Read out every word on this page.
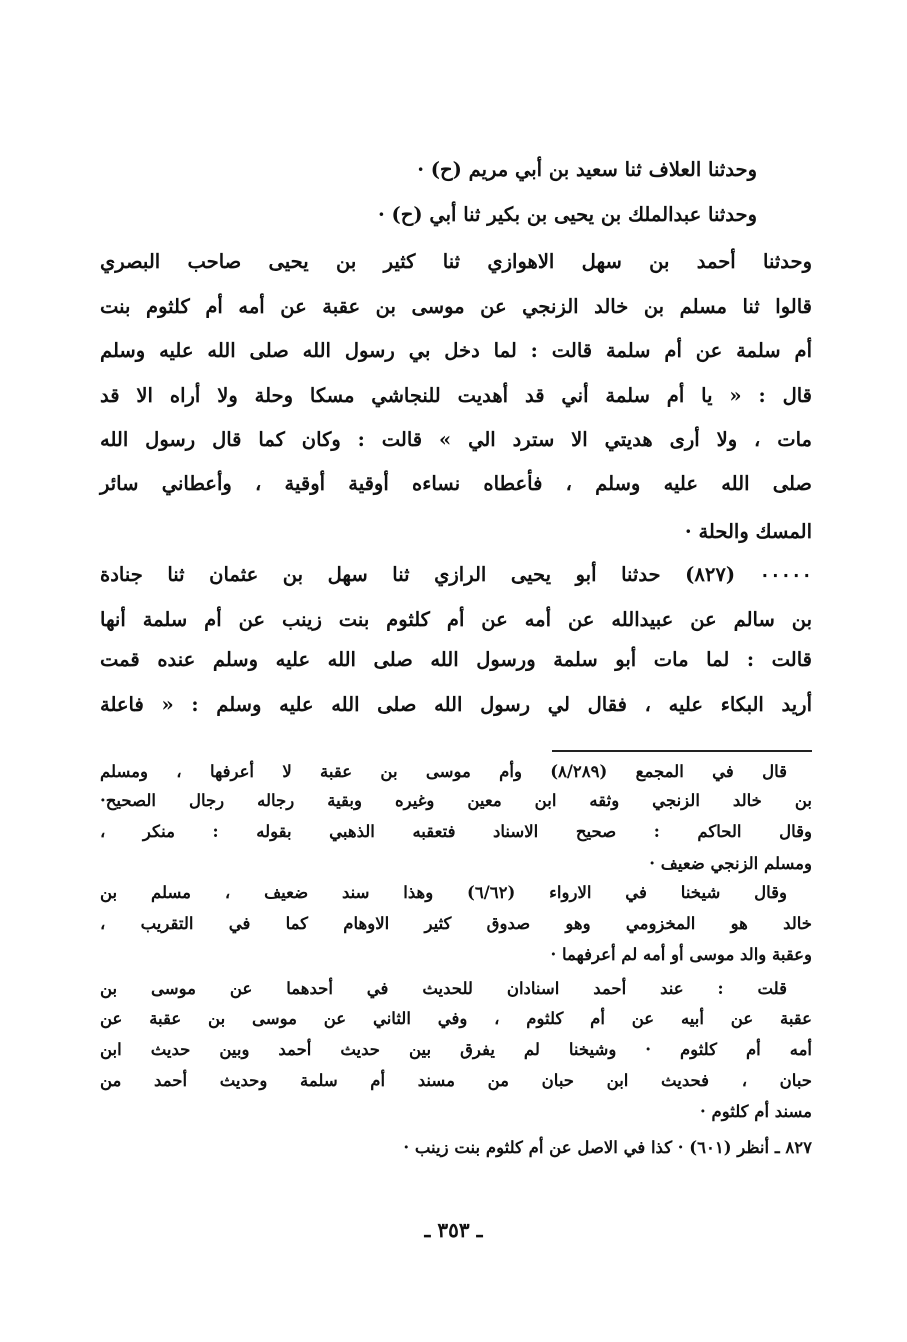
وحدثنا العلاف ثنا سعيد بن أبي مريم (ح) ·
وحدثنا عبدالملك بن يحيى بن بكير ثنا أبي (ح) ·
وحدثنا أحمد بن سهل الاهوازي ثنا كثير بن يحيى صاحب البصري
قالوا ثنا مسلم بن خالد الزنجي عن موسى بن عقبة عن أمه أم كلثوم بنت
أم سلمة عن أم سلمة قالت : لما دخل بي رسول الله صلى الله عليه وسلم
قال : « يا أم سلمة أني قد أهديت للنجاشي مسكا وحلة ولا أراه الا قد
مات ، ولا أرى هديتي الا سترد الي » قالت : وكان كما قال رسول الله
صلى الله عليه وسلم ، فأعطاه نساءه أوقية أوقية ، وأعطاني سائر
المسك والحلة ·
٠٠٠٠٠ (٨٢٧) حدثنا أبو يحيى الرازي ثنا سهل بن عثمان ثنا جنادة
بن سالم عن عبيدالله عن أمه عن أم كلثوم بنت زينب عن أم سلمة أنها
قالت : لما مات أبو سلمة ورسول الله صلى الله عليه وسلم عنده قمت
أريد البكاء عليه ، فقال لي رسول الله صلى الله عليه وسلم : « فاعلة
قال في المجمع (٨/٢٨٩) وأم موسى بن عقبة لا أعرفها ، ومسلم
بن خالد الزنجي وثقه ابن معين وغيره وبقية رجاله رجال الصحيح·
وقال الحاكم : صحيح الاسناد فتعقبه الذهبي بقوله : منكر ،
ومسلم الزنجي ضعيف ·
وقال شيخنا في الارواء (٦/٦٢) وهذا سند ضعيف ، مسلم بن
خالد هو المخزومي وهو صدوق كثير الاوهام كما في التقريب ،
وعقبة والد موسى أو أمه لم أعرفهما ·
قلت : عند أحمد اسنادان للحديث في أحدهما عن موسى بن
عقبة عن أبيه عن أم كلثوم ، وفي الثاني عن موسى بن عقبة عن
أمه أم كلثوم · وشيخنا لم يفرق بين حديث أحمد وبين حديث ابن
حبان ، فحديث ابن حبان من مسند أم سلمة وحديث أحمد من
مسند أم كلثوم ·
٨٢٧ ـ أنظر (٦٠١) · كذا في الاصل عن أم كلثوم بنت زينب ·
ـ ٣٥٣ ـ
